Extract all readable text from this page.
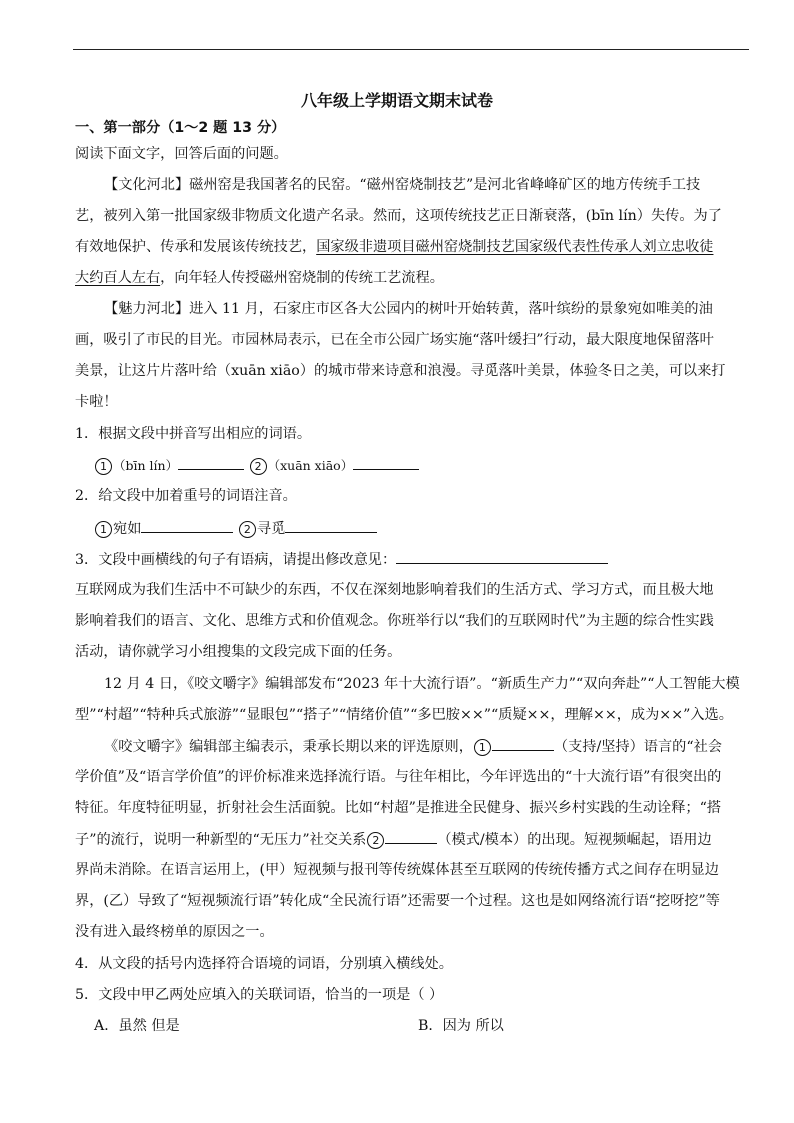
八年级上学期语文期末试卷
一、第一部分（1～2 题 13 分）
阅读下面文字，回答后面的问题。
【文化河北】磁州窑是我国著名的民窑。“磁州窑烧制技艺”是河北省峰峰矿区的地方传统手工技
艺，被列入第一批国家级非物质文化遗产名录。然而，这项传统技艺正日渐衰落，(bīn lín）失传。为了
有效地保护、传承和发展该传统技艺，国家级非遗项目磁州窑烧制技艺国家级代表性传承人刘立忠收徒
大约百人左右，向年轻人传授磁州窑烧制的传统工艺流程。
【魅力河北】进入 11 月，石家庄市区各大公园内的树叶开始转黄，落叶缤纷的景象宛如唯美的油
画，吸引了市民的目光。市园林局表示，已在全市公园广场实施“落叶缓扫”行动，最大限度地保留落叶
美景，让这片片落叶给（xuān xiāo）的城市带来诗意和浪漫。寻觅落叶美景，体验冬日之美，可以来打
卡啦！
1．根据文段中拼音写出相应的词语。
1 （bīn lín）	2 （xuān xiāo）
2．给文段中加着重号的词语注音。
1 宛如	2 寻觅
3．文段中画横线的句子有语病，请提出修改意见：
互联网成为我们生活中不可缺少的东西，不仅在深刻地影响着我们的生活方式、学习方式，而且极大地
影响着我们的语言、文化、思维方式和价值观念。你班举行以“我们的互联网时代”为主题的综合性实践
活动，请你就学习小组搜集的文段完成下面的任务。
12 月 4 日，《咬文嚼字》编辑部发布“2023 年十大流行语”。“新质生产力”“双向奔赴”“人工智能大模
型”“村超”“特种兵式旅游”“显眼包”“搭子”“情绪价值”“多巴胺××”“质疑××，理解××，成为××”入选。
《咬文嚼字》编辑部主编表示，秉承长期以来的评选原则， 1	（支持/坚持）语言的“社会
学价值”及“语言学价值”的评价标准来选择流行语。与往年相比，今年评选出的“十大流行语”有很突出的
特征。年度特征明显，折射社会生活面貌。比如“村超”是推进全民健身、振兴乡村实践的生动诠释；“搭
子”的流行，说明一种新型的“无压力”社交关系 2	（模式/模本）的出现。短视频崛起，语用边
界尚未消除。在语言运用上，(甲）短视频与报刊等传统媒体甚至互联网的传统传播方式之间存在明显边
界，(乙）导致了“短视频流行语”转化成“全民流行语”还需要一个过程。这也是如网络流行语“挖呀挖”等
没有进入最终榜单的原因之一。
4．从文段的括号内选择符合语境的词语，分别填入横线处。
5．文段中甲乙两处应填入的关联词语，恰当的一项是（ ）
A．虽然 但是	B．因为 所以
